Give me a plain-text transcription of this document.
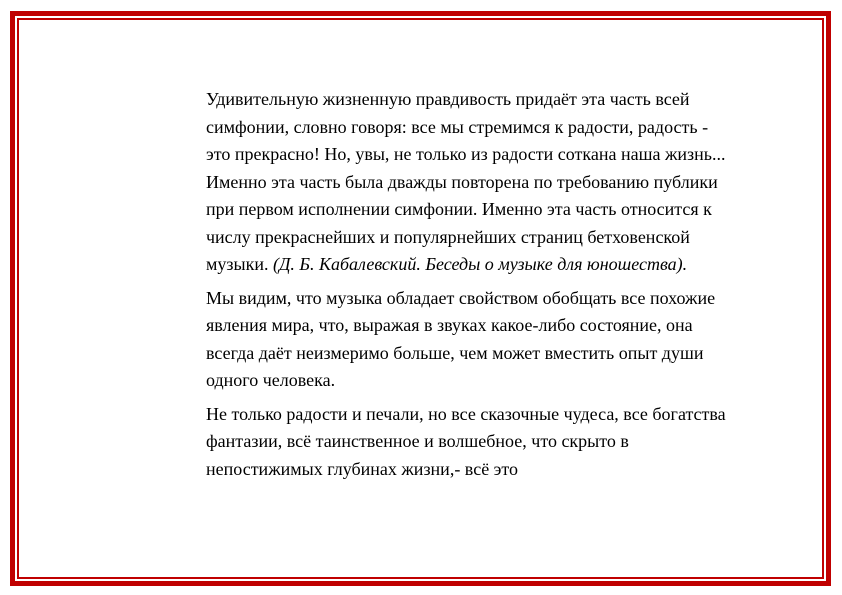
Удивительную жизненную правдивость придаёт эта часть всей симфонии, словно говоря: все мы стремимся к радости, радость - это прекрасно! Но, увы, не только из радости соткана наша жизнь...
Именно эта часть была дважды повторена по требованию публики при первом исполнении симфонии. Именно эта часть относится к числу прекраснейших и популярнейших страниц бетховенской музыки. (Д. Б. Кабалевский. Беседы о музыке для юношества).

Мы видим, что музыка обладает свойством обобщать все похожие явления мира, что, выражая в звуках какое-либо состояние, она всегда даёт неизмеримо больше, чем может вместить опыт души одного человека.

Не только радости и печали, но все сказочные чудеса, все богатства фантазии, всё таинственное и волшебное, что скрыто в непостижимых глубинах жизни,- всё это
